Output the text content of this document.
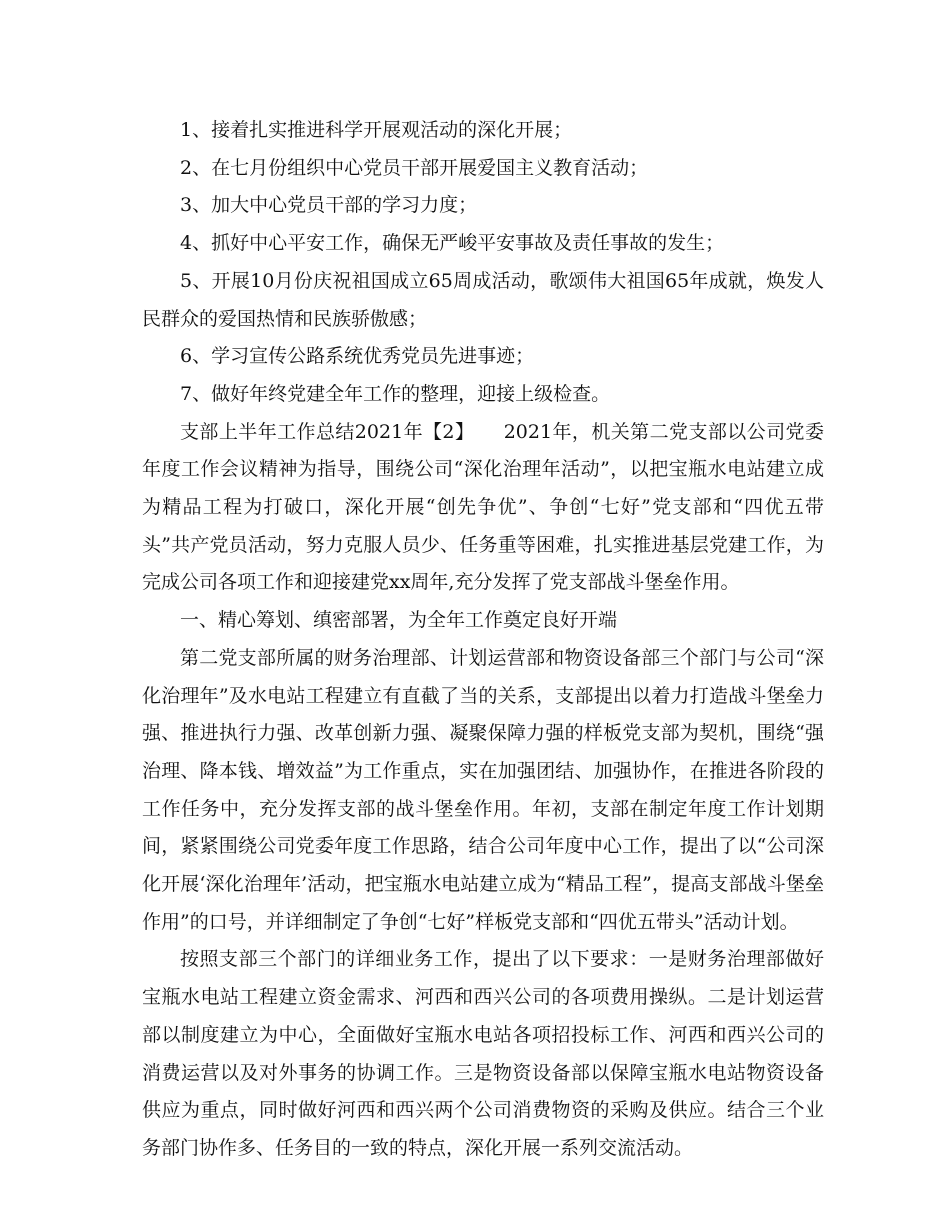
1、接着扎实推进科学开展观活动的深化开展；

2、在七月份组织中心党员干部开展爱国主义教育活动；

3、加大中心党员干部的学习力度；

4、抓好中心平安工作，确保无严峻平安事故及责任事故的发生；

5、开展10月份庆祝祖国成立65周成活动，歌颂伟大祖国65年成就，焕发人民群众的爱国热情和民族骄傲感；

6、学习宣传公路系统优秀党员先进事迹；

7、做好年终党建全年工作的整理，迎接上级检查。

支部上半年工作总结2021年【2】　　2021年，机关第二党支部以公司党委年度工作会议精神为指导，围绕公司“深化治理年活动”，以把宝瓶水电站建立成为精品工程为打破口，深化开展“创先争优”、争创“七好”党支部和“四优五带头”共产党员活动，努力克服人员少、任务重等困难，扎实推进基层党建工作，为完成公司各项工作和迎接建党xx周年,充分发挥了党支部战斗堡垒作用。

一、精心筹划、缜密部署，为全年工作奠定良好开端

第二党支部所属的财务治理部、计划运营部和物资设备部三个部门与公司“深化治理年”及水电站工程建立有直截了当的关系，支部提出以着力打造战斗堡垒力强、推进执行力强、改革创新力强、凝聚保障力强的样板党支部为契机，围绕“强治理、降本钱、增效益”为工作重点，实在加强团结、加强协作，在推进各阶段的工作任务中，充分发挥支部的战斗堡垒作用。年初，支部在制定年度工作计划期间，紧紧围绕公司党委年度工作思路，结合公司年度中心工作，提出了以“公司深化开展‘深化治理年’活动，把宝瓶水电站建立成为“精品工程”，提高支部战斗堡垒作用”的口号，并详细制定了争创“七好”样板党支部和“四优五带头”活动计划。

按照支部三个部门的详细业务工作，提出了以下要求：一是财务治理部做好宝瓶水电站工程建立资金需求、河西和西兴公司的各项费用操纵。二是计划运营部以制度建立为中心，全面做好宝瓶水电站各项招投标工作、河西和西兴公司的消费运营以及对外事务的协调工作。三是物资设备部以保障宝瓶水电站物资设备供应为重点，同时做好河西和西兴两个公司消费物资的采购及供应。结合三个业务部门协作多、任务目的一致的特点，深化开展一系列交流活动。
